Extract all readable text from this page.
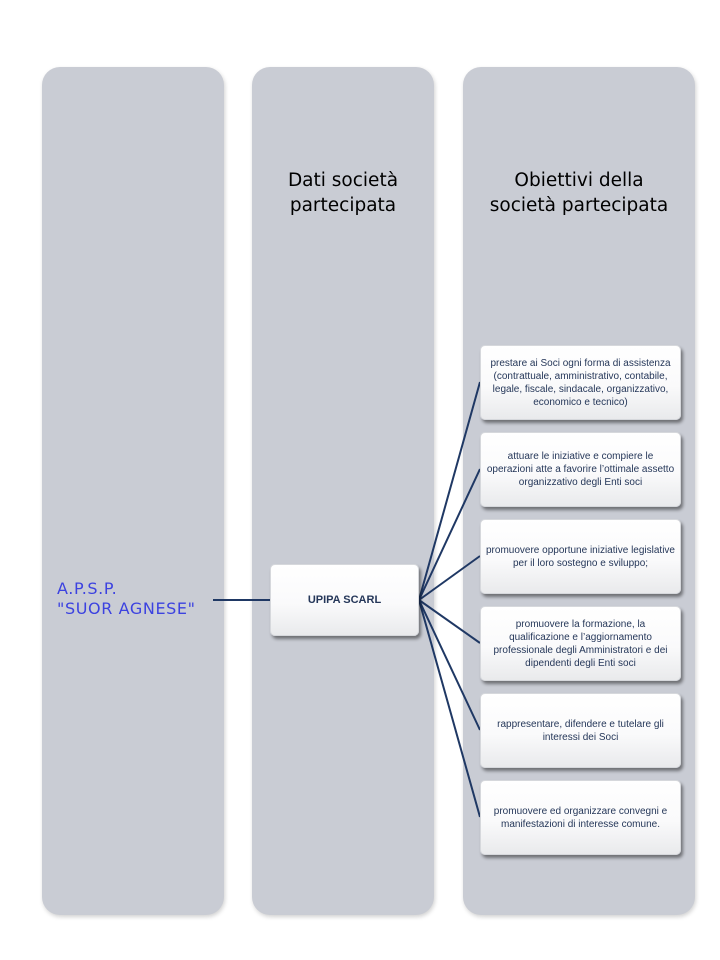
Dati società
partecipata
Obiettivi della
società partecipata
A.P.S.P.
"SUOR AGNESE"	UPIPA SCARL
prestare ai Soci ogni forma di assistenza (contrattuale, amministrativo, contabile, legale, fiscale, sindacale, organizzativo, economico e tecnico)
attuare le iniziative e compiere le operazioni atte a favorire l’ottimale assetto organizzativo degli Enti soci
promuovere opportune iniziative legislative per il loro sostegno e sviluppo;
promuovere la formazione, la qualificazione e l’aggiornamento professionale degli Amministratori e dei dipendenti degli Enti soci
rappresentare, difendere e tutelare gli interessi dei Soci
promuovere ed organizzare convegni e manifestazioni di interesse comune.
